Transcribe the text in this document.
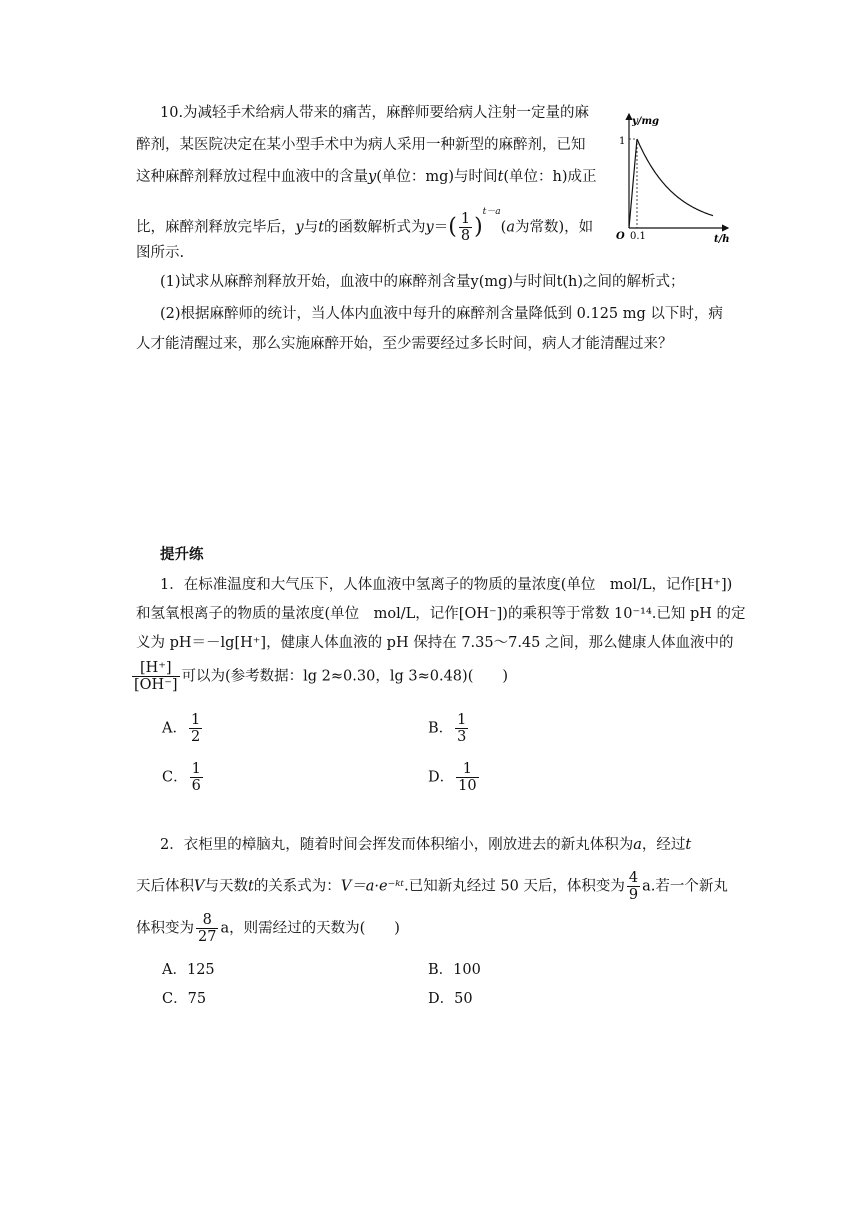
10.为减轻手术给病人带来的痛苦，麻醉师要给病人注射一定量的麻
醉剂，某医院决定在某小型手术中为病人采用一种新型的麻醉剂，已知
这种麻醉剂释放过程中血液中的含量y(单位：mg)与时间t(单位：h)成正
比，麻醉剂释放完毕后，y与t的函数解析式为$y=( \frac{1}{8} )^{t-a}(a$为常数)，如
图所示.
(1)试求从麻醉剂释放开始，血液中的麻醉剂含量y(mg)与时间t(h)之间的解析式；
(2)根据麻醉师的统计，当人体内血液中每升的麻醉剂含量降低到 0.125 mg 以下时，病
人才能清醒过来，那么实施麻醉开始，至少需要经过多长时间，病人才能清醒过来？
y/mg
t/h
O
1
0.1
提升练
1．在标准温度和大气压下，人体血液中氢离子的物质的量浓度(单位　mol/L，记作[H⁺])
和氢氧根离子的物质的量浓度(单位　mol/L，记作[OH⁻])的乘积等于常数 10⁻¹⁴.已知 pH 的定
义为 pH＝－lg[H⁺]，健康人体血液的 pH 保持在 7.35～7.45 之间，那么健康人体血液中的
$\frac{[H^+]}{[OH^-]}$ 可以为(参考数据：lg 2≈0.30，lg 3≈0.48)(　　)
A． $\frac{1}{2}$	B． $\frac{1}{3}$
C． $\frac{1}{6}$	D． $\frac{1}{10}$
2．衣柜里的樟脑丸，随着时间会挥发而体积缩小，刚放进去的新丸体积为a，经过t
天后体积V与天数t的关系式为：V＝a·e⁻ᵏᵗ.已知新丸经过 50 天后，体积变为 $\frac{4}{9} a$.若一个新丸
体积变为 $\frac{8}{27}$ a，则需经过的天数为(　　)
A．125	B．100
C．75	D．50
